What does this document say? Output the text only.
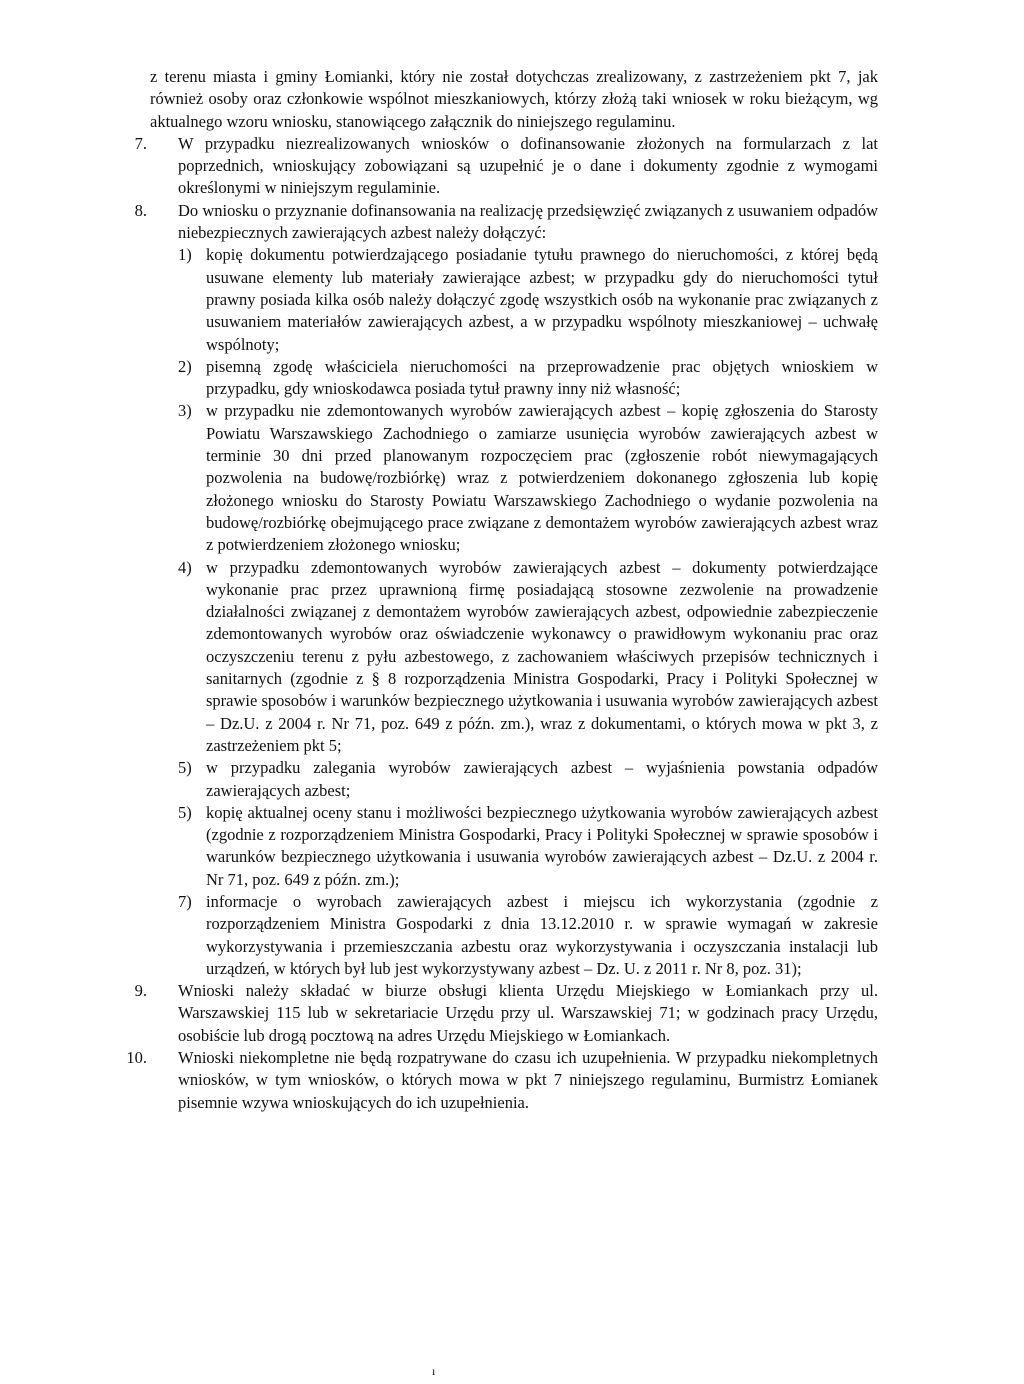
z terenu miasta i gminy Łomianki, który nie został dotychczas zrealizowany, z zastrzeżeniem pkt 7, jak również osoby oraz członkowie wspólnot mieszkaniowych, którzy złożą taki wniosek w roku bieżącym, wg aktualnego wzoru wniosku, stanowiącego załącznik do niniejszego regulaminu.

7. W przypadku niezrealizowanych wniosków o dofinansowanie złożonych na formularzach z lat poprzednich, wnioskujący zobowiązani są uzupełnić je o dane i dokumenty zgodnie z wymogami określonymi w niniejszym regulaminie.

8. Do wniosku o przyznanie dofinansowania na realizację przedsięwzięć związanych z usuwaniem odpadów niebezpiecznych zawierających azbest należy dołączyć:

1) kopię dokumentu potwierdzającego posiadanie tytułu prawnego do nieruchomości, z której będą usuwane elementy lub materiały zawierające azbest; w przypadku gdy do nieruchomości tytuł prawny posiada kilka osób należy dołączyć zgodę wszystkich osób na wykonanie prac związanych z usuwaniem materiałów zawierających azbest, a w przypadku wspólnoty mieszkaniowej – uchwałę wspólnoty;

2) pisemną zgodę właściciela nieruchomości na przeprowadzenie prac objętych wnioskiem w przypadku, gdy wnioskodawca posiada tytuł prawny inny niż własność;

3) w przypadku nie zdemontowanych wyrobów zawierających azbest – kopię zgłoszenia do Starosty Powiatu Warszawskiego Zachodniego o zamiarze usunięcia wyrobów zawierających azbest w terminie 30 dni przed planowanym rozpoczęciem prac (zgłoszenie robót niewymagających pozwolenia na budowę/rozbiórkę) wraz z potwierdzeniem dokonanego zgłoszenia lub kopię złożonego wniosku do Starosty Powiatu Warszawskiego Zachodniego o wydanie pozwolenia na budowę/rozbiórkę obejmującego prace związane z demontażem wyrobów zawierających azbest wraz z potwierdzeniem złożonego wniosku;

4) w przypadku zdemontowanych wyrobów zawierających azbest – dokumenty potwierdzające wykonanie prac przez uprawnioną firmę posiadającą stosowne zezwolenie na prowadzenie działalności związanej z demontażem wyrobów zawierających azbest, odpowiednie zabezpieczenie zdemontowanych wyrobów oraz oświadczenie wykonawcy o prawidłowym wykonaniu prac oraz oczyszczeniu terenu z pyłu azbestowego, z zachowaniem właściwych przepisów technicznych i sanitarnych (zgodnie z § 8 rozporządzenia Ministra Gospodarki, Pracy i Polityki Społecznej w sprawie sposobów i warunków bezpiecznego użytkowania i usuwania wyrobów zawierających azbest – Dz.U. z 2004 r. Nr 71, poz. 649 z późn. zm.), wraz z dokumentami, o których mowa w pkt 3, z zastrzeżeniem pkt 5;

5) w przypadku zalegania wyrobów zawierających azbest – wyjaśnienia powstania odpadów zawierających azbest;

5) kopię aktualnej oceny stanu i możliwości bezpiecznego użytkowania wyrobów zawierających azbest (zgodnie z rozporządzeniem Ministra Gospodarki, Pracy i Polityki Społecznej w sprawie sposobów i warunków bezpiecznego użytkowania i usuwania wyrobów zawierających azbest – Dz.U. z 2004 r. Nr 71, poz. 649 z późn. zm.);

7) informacje o wyrobach zawierających azbest i miejscu ich wykorzystania (zgodnie z rozporządzeniem Ministra Gospodarki z dnia 13.12.2010 r. w sprawie wymagań w zakresie wykorzystywania i przemieszczania azbestu oraz wykorzystywania i oczyszczania instalacji lub urządzeń, w których był lub jest wykorzystywany azbest – Dz. U. z 2011 r. Nr 8, poz. 31);

9. Wnioski należy składać w biurze obsługi klienta Urzędu Miejskiego w Łomiankach przy ul. Warszawskiej 115 lub w sekretariacie Urzędu przy ul. Warszawskiej 71; w godzinach pracy Urzędu, osobiście lub drogą pocztową na adres Urzędu Miejskiego w Łomiankach.

10. Wnioski niekompletne nie będą rozpatrywane do czasu ich uzupełnienia. W przypadku niekompletnych wniosków, w tym wniosków, o których mowa w pkt 7 niniejszego regulaminu, Burmistrz Łomianek pisemnie wzywa wnioskujących do ich uzupełnienia.

ı
